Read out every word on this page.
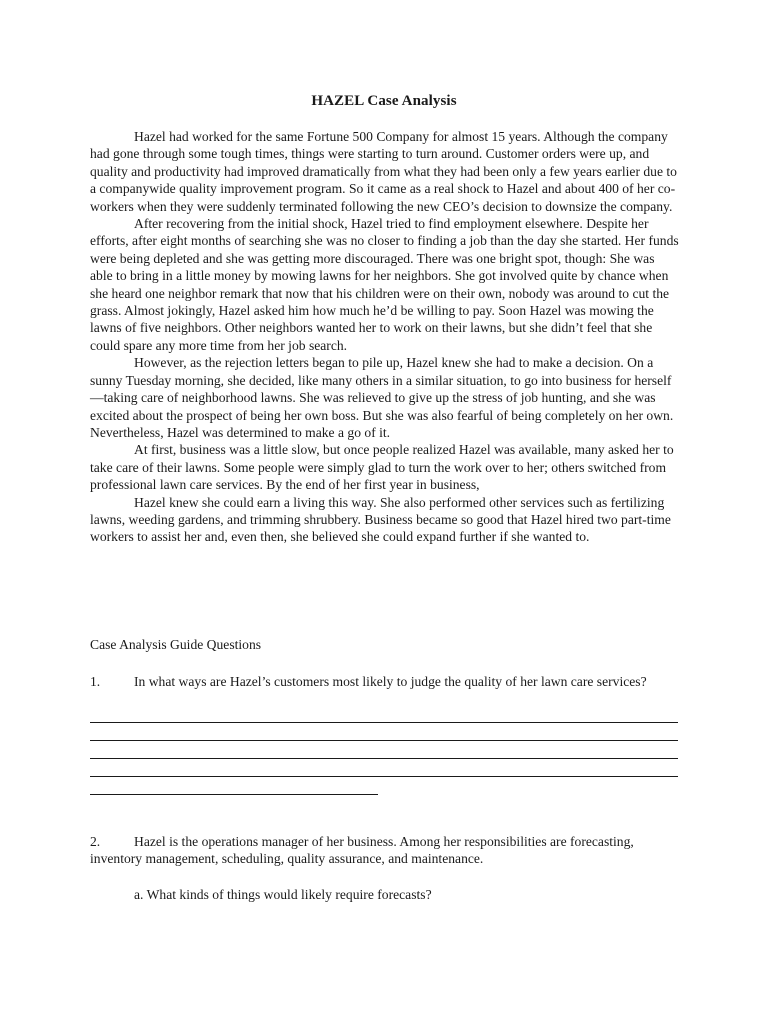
HAZEL Case Analysis

Hazel had worked for the same Fortune 500 Company for almost 15 years. Although the company had gone through some tough times, things were starting to turn around. Customer orders were up, and quality and productivity had improved dramatically from what they had been only a few years earlier due to a companywide quality improvement program. So it came as a real shock to Hazel and about 400 of her co-workers when they were suddenly terminated following the new CEO’s decision to downsize the company.

After recovering from the initial shock, Hazel tried to find employment elsewhere. Despite her efforts, after eight months of searching she was no closer to finding a job than the day she started. Her funds were being depleted and she was getting more discouraged. There was one bright spot, though: She was able to bring in a little money by mowing lawns for her neighbors. She got involved quite by chance when she heard one neighbor remark that now that his children were on their own, nobody was around to cut the grass. Almost jokingly, Hazel asked him how much he’d be willing to pay. Soon Hazel was mowing the lawns of five neighbors. Other neighbors wanted her to work on their lawns, but she didn’t feel that she could spare any more time from her job search.

However, as the rejection letters began to pile up, Hazel knew she had to make a decision. On a sunny Tuesday morning, she decided, like many others in a similar situation, to go into business for herself—taking care of neighborhood lawns. She was relieved to give up the stress of job hunting, and she was excited about the prospect of being her own boss. But she was also fearful of being completely on her own. Nevertheless, Hazel was determined to make a go of it.

At first, business was a little slow, but once people realized Hazel was available, many asked her to take care of their lawns. Some people were simply glad to turn the work over to her; others switched from professional lawn care services. By the end of her first year in business,

Hazel knew she could earn a living this way. She also performed other services such as fertilizing lawns, weeding gardens, and trimming shrubbery. Business became so good that Hazel hired two part-time workers to assist her and, even then, she believed she could expand further if she wanted to.

Case Analysis Guide Questions
1. In what ways are Hazel’s customers most likely to judge the quality of her lawn care services?
2. Hazel is the operations manager of her business. Among her responsibilities are forecasting, inventory management, scheduling, quality assurance, and maintenance.
a. What kinds of things would likely require forecasts?
